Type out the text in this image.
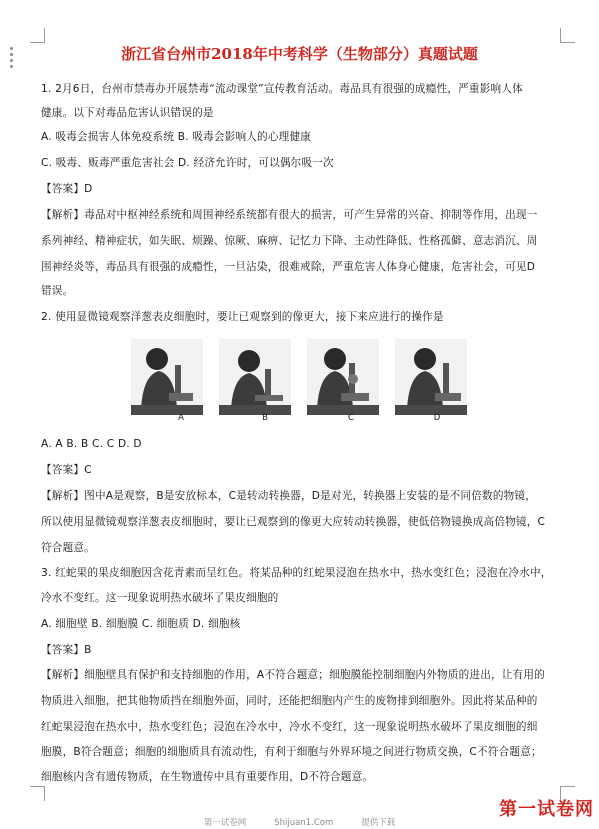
浙江省台州市2018年中考科学（生物部分）真题试题
1. 2月6日，台州市禁毒办开展禁毒“流动课堂”宣传教育活动。毒品具有很强的成瘾性，严重影响人体
健康。以下对毒品危害认识错误的是
A. 吸毒会损害人体免疫系统 B. 吸毒会影响人的心理健康
C. 吸毒、贩毒严重危害社会 D. 经济允许时，可以偶尔吸一次
【答案】D
【解析】毒品对中枢神经系统和周围神经系统都有很大的损害，可产生异常的兴奋、抑制等作用，出现一
系列神经、精神症状，如失眠、烦躁、惊厥、麻痹、记忆力下降、主动性降低、性格孤僻、意志消沉、周
围神经炎等，毒品具有很强的成瘾性，一旦沾染，很难戒除，严重危害人体身心健康，危害社会，可见D
错误。
2. 使用显微镜观察洋葱表皮细胞时，要让已观察到的像更大，接下来应进行的操作是
A. A B. B C. C D. D
【答案】C
【解析】图中A是观察，B是安放标本，C是转动转换器，D是对光，转换器上安装的是不同倍数的物镜，
所以使用显微镜观察洋葱表皮细胞时，要让已观察到的像更大应转动转换器，使低倍物镜换成高倍物镜，C
符合题意。
3. 红蛇果的果皮细胞因含花青素而呈红色。将某品种的红蛇果浸泡在热水中，热水变红色；浸泡在冷水中，
冷水不变红。这一现象说明热水破坏了果皮细胞的
A. 细胞壁 B. 细胞膜 C. 细胞质 D. 细胞核
【答案】B
【解析】细胞壁具有保护和支持细胞的作用，A不符合题意；细胞膜能控制细胞内外物质的进出，让有用的
物质进入细胞，把其他物质挡在细胞外面，同时，还能把细胞内产生的废物排到细胞外。因此将某品种的
红蛇果浸泡在热水中，热水变红色；浸泡在冷水中，冷水不变红，这一现象说明热水破坏了果皮细胞的细
胞膜，B符合题意；细胞的细胞质具有流动性，有利于细胞与外界环境之间进行物质交换，C不符合题意；
细胞核内含有遗传物质，在生物遗传中具有重要作用，D不符合题意。
A	B	C	D
第一试卷网
第一试卷网	Shijuan1.Com	提供下载
